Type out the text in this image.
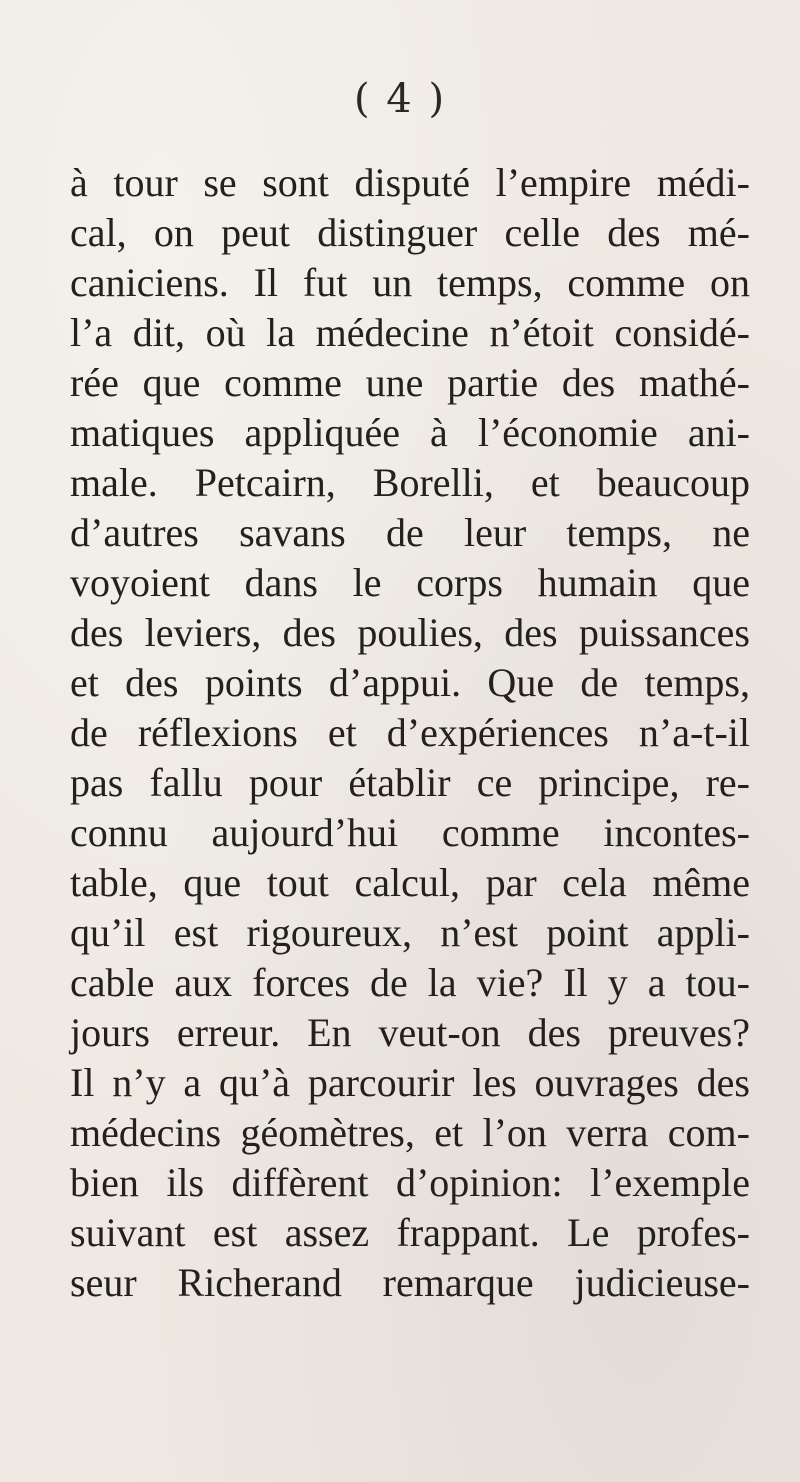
( 4 )
à tour se sont disputé l’empire médi-
cal, on peut distinguer celle des mé-
caniciens. Il fut un temps, comme on
l’a dit, où la médecine n’étoit considé-
rée que comme une partie des mathé-
matiques appliquée à l’économie ani-
male. Petcairn, Borelli, et beaucoup
d’autres savans de leur temps, ne
voyoient dans le corps humain que
des leviers, des poulies, des puissances
et des points d’appui. Que de temps,
de réflexions et d’expériences n’a-t-il
pas fallu pour établir ce principe, re-
connu aujourd’hui comme incontes-
table, que tout calcul, par cela même
qu’il est rigoureux, n’est point appli-
cable aux forces de la vie? Il y a tou-
jours erreur. En veut-on des preuves?
Il n’y a qu’à parcourir les ouvrages des
médecins géomètres, et l’on verra com-
bien ils diffèrent d’opinion: l’exemple
suivant est assez frappant. Le profes-
seur Richerand remarque judicieuse-
